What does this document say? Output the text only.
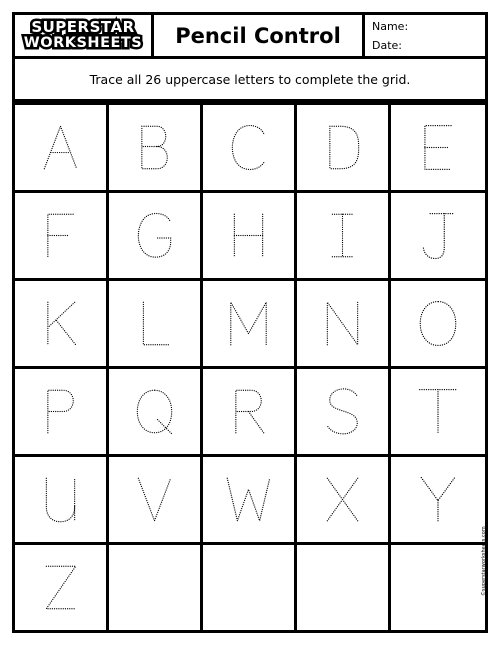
SUPERSTAR
WORKSHEETS Pencil Control	Name:
Date:
Trace all 26 uppercase letters to complete the grid.
©superstarworksheets.com
